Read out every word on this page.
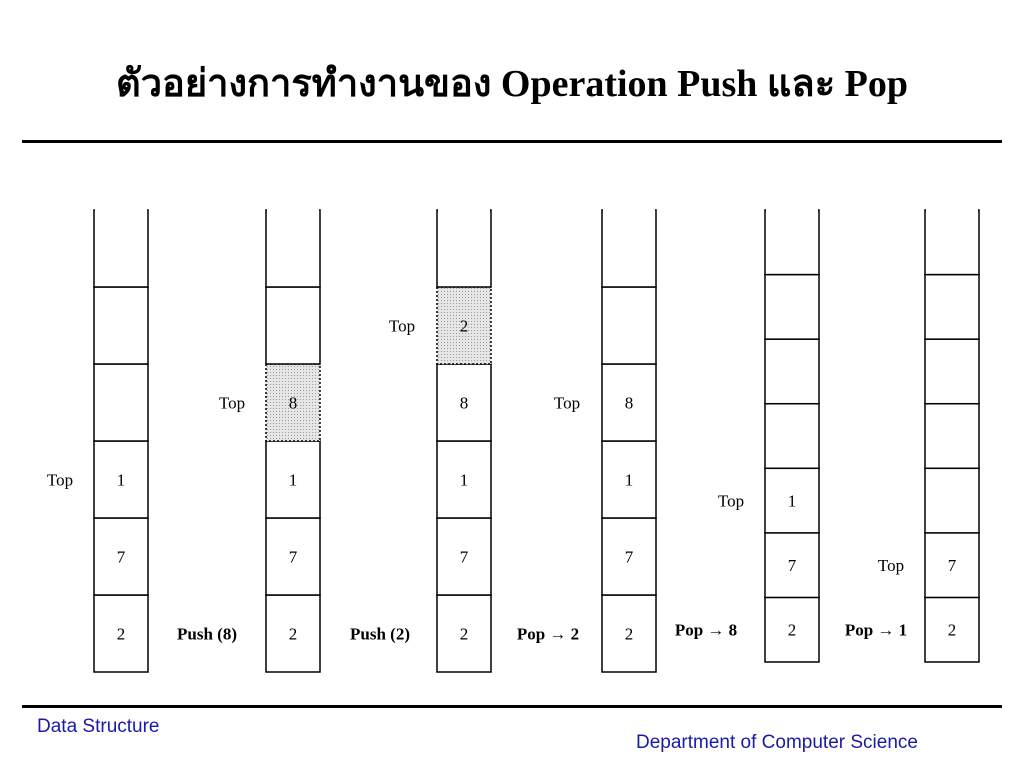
ตัวอย่างการทำงานของ Operation Push และ Pop
2
7
1
Top
2
7
1
8
Top
Push (8)	2
7
1
8
2
Top
Push (2)	2
7
1
8
Top
Pop → 2	2
7
1
Top
Pop → 8	2
7
Top
Pop → 1
Data Structure
Department of Computer Science
